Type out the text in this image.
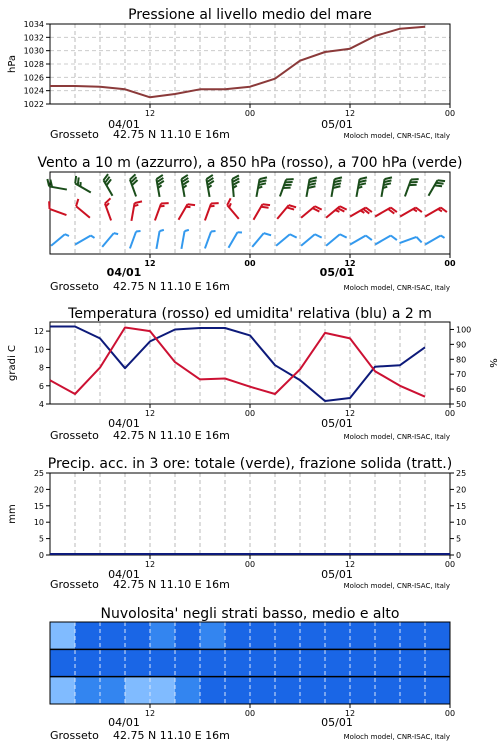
Pressione al livello medio del mare
Vento a 10 m (azzurro), a 850 hPa (rosso), a 700 hPa (verde)
Temperatura (rosso) ed umidita' relativa (blu) a 2 m
Precip. acc. in 3 ore: totale (verde), frazione solida (tratt.)
Nuvolosita' negli strati basso, medio e alto
1022
1024
1026
1028
1030
1032
1034
12	00	12	00
04/01	05/01
Grosseto 42.75 N 11.10 E 16m	Moloch model, CNR-ISAC, Italy
hPa
12	00	12	00
04/01	05/01
Grosseto 42.75 N 11.10 E 16m	Moloch model, CNR-ISAC, Italy
4
6
8
10
12
50
60
70
80
90
100
12	00	12	00
04/01	05/01
Grosseto 42.75 N 11.10 E 16m	Moloch model, CNR-ISAC, Italy
gradi C	%
0
5
10
15
20
25
0
5
10
15
20
25
12	00	12	00
04/01	05/01
Grosseto 42.75 N 11.10 E 16m	Moloch model, CNR-ISAC, Italy
mm
12	00	12	00
04/01	05/01
Grosseto 42.75 N 11.10 E 16m	Moloch model, CNR-ISAC, Italy
